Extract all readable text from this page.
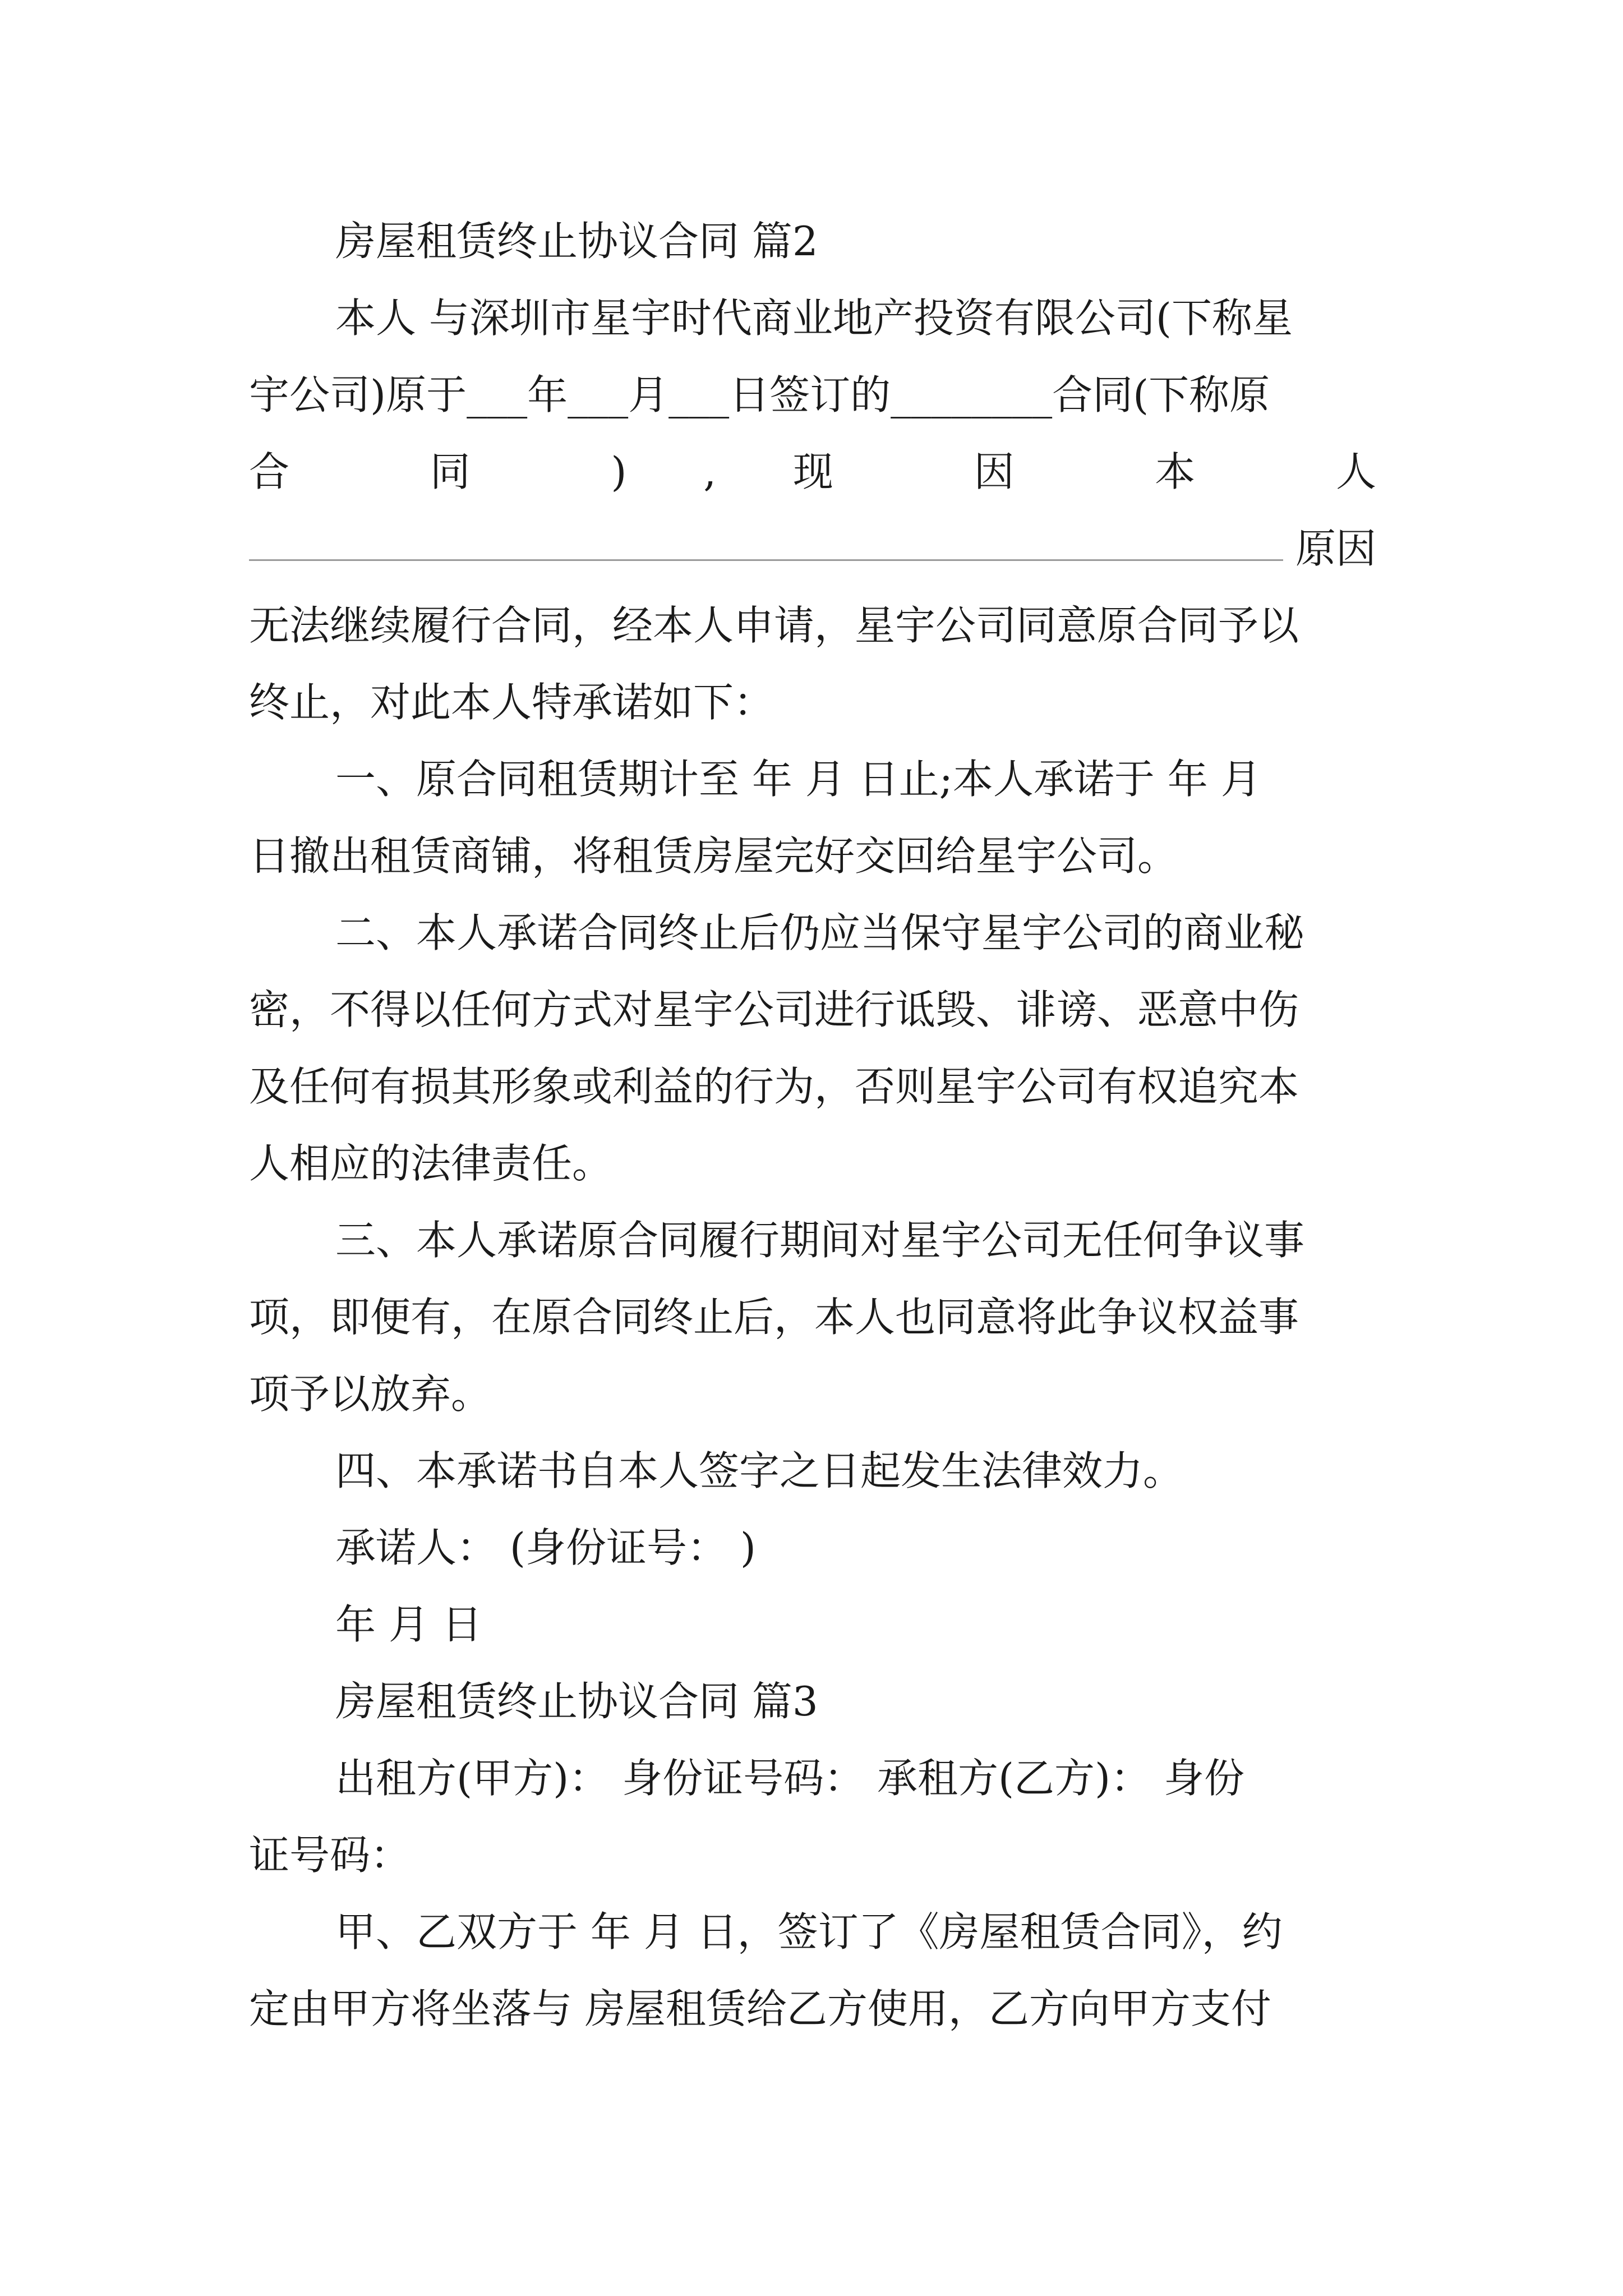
房屋租赁终止协议合同 篇2
本人 与深圳市星宇时代商业地产投资有限公司(下称星
宇公司)原于___年___月___日签订的________合同(下称原
合 同 ) , 现 因 本 人
原因
无法继续履行合同，经本人申请，星宇公司同意原合同予以
终止，对此本人特承诺如下：
一、原合同租赁期计至 年 月 日止;本人承诺于 年 月
日撤出租赁商铺，将租赁房屋完好交回给星宇公司。
二、本人承诺合同终止后仍应当保守星宇公司的商业秘
密，不得以任何方式对星宇公司进行诋毁、诽谤、恶意中伤
及任何有损其形象或利益的行为，否则星宇公司有权追究本
人相应的法律责任。
三、本人承诺原合同履行期间对星宇公司无任何争议事
项，即便有，在原合同终止后，本人也同意将此争议权益事
项予以放弃。
四、本承诺书自本人签字之日起发生法律效力。
承诺人： (身份证号： )
年 月 日
房屋租赁终止协议合同 篇3
出租方(甲方)： 身份证号码： 承租方(乙方)： 身份
证号码：
甲、乙双方于 年 月 日，签订了《房屋租赁合同》，约
定由甲方将坐落与 房屋租赁给乙方使用，乙方向甲方支付
